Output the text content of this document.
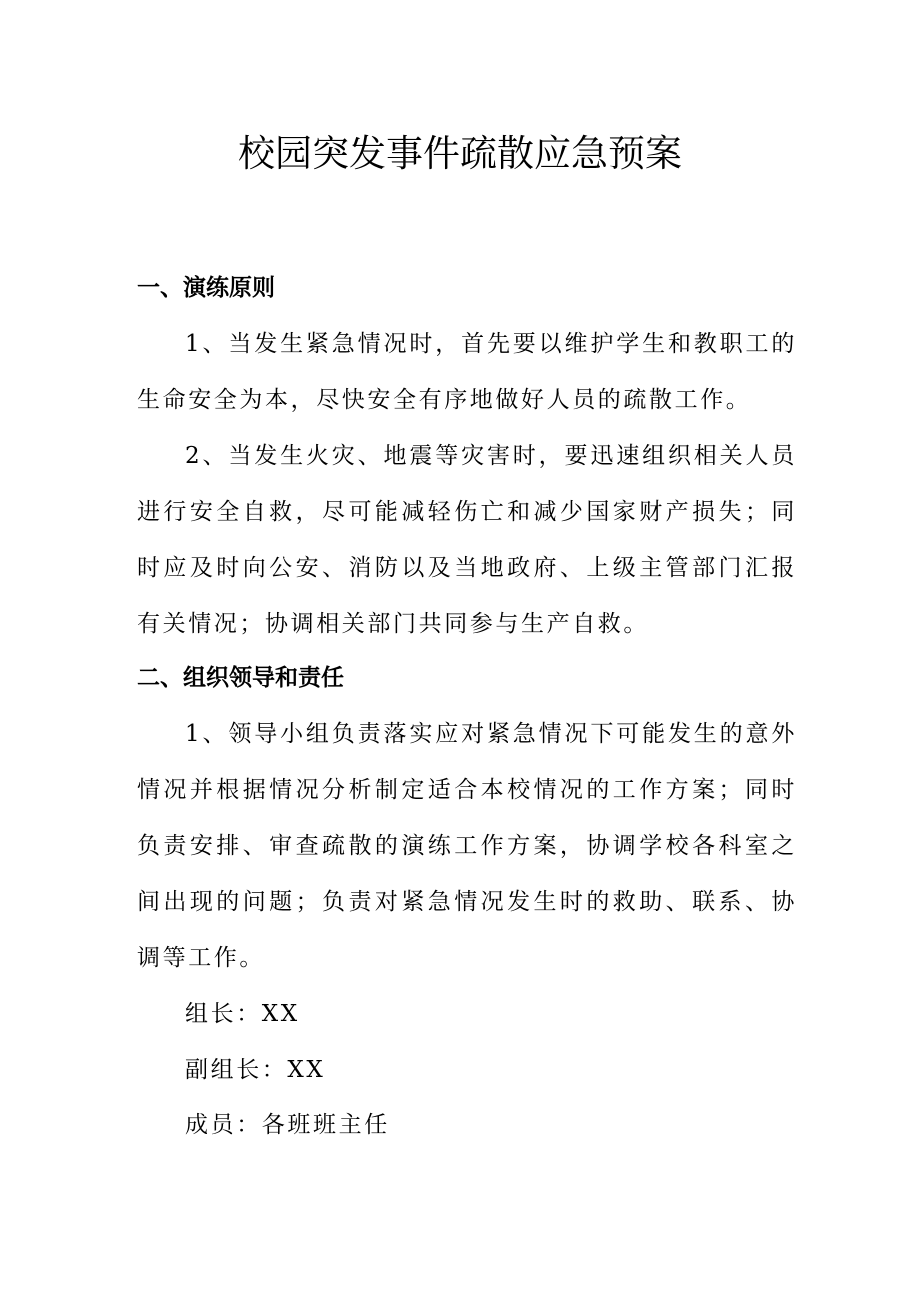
校园突发事件疏散应急预案
一、演练原则

1、当发生紧急情况时，首先要以维护学生和教职工的生命安全为本，尽快安全有序地做好人员的疏散工作。

2、当发生火灾、地震等灾害时，要迅速组织相关人员进行安全自救，尽可能减轻伤亡和减少国家财产损失；同时应及时向公安、消防以及当地政府、上级主管部门汇报有关情况；协调相关部门共同参与生产自救。

二、组织领导和责任

1、领导小组负责落实应对紧急情况下可能发生的意外情况并根据情况分析制定适合本校情况的工作方案；同时负责安排、审查疏散的演练工作方案，协调学校各科室之间出现的问题；负责对紧急情况发生时的救助、联系、协调等工作。

组长：XX

副组长：XX

成员：各班班主任
